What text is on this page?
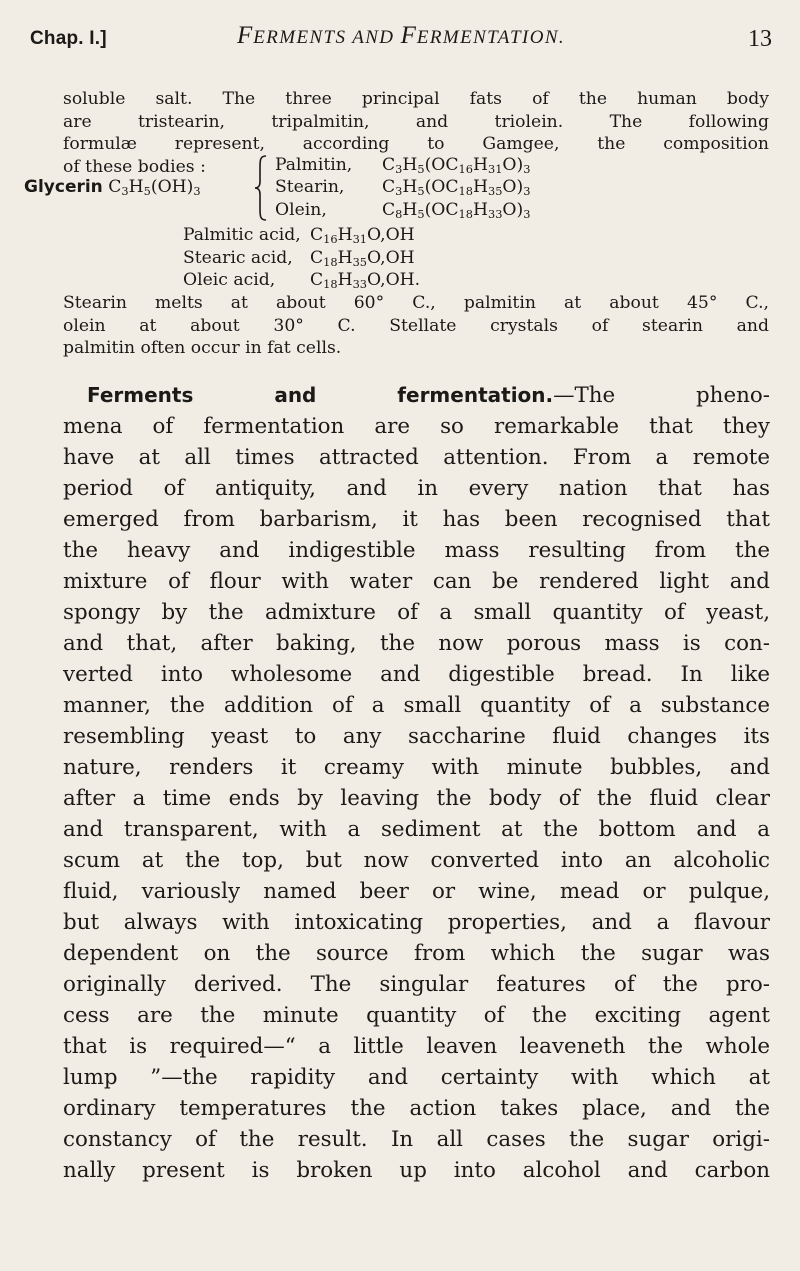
Chap. I.]	FERMENTS AND FERMENTATION.	13

soluble salt. The three principal fats of the human body

are tristearin, tripalmitin, and triolein. The following

formulæ represent, according to Gamgee, the composition

of these bodies :

Glycerin $C_3H_5(OH)_3$
Palmitin, $C_3H_5(OC_{16}H_{31}O)_3$
Stearin, $C_3H_5(OC_{18}H_{35}O)_3$
Olein,	$C_8H_5(OC_{18}H_{33}O)_3$
Palmitic acid, $C_{16}H_{31}O,OH$
Stearic acid, $C_{18}H_{35}O,OH$
Oleic acid, $C_{18}H_{33}O,OH$.

Stearin melts at about 60° C., palmitin at about 45° C.,

olein at about 30° C. Stellate crystals of stearin and

palmitin often occur in fat cells.

Ferments and fermentation.—The pheno-
mena of fermentation are so remarkable that they
have at all times attracted attention. From a remote
period of antiquity, and in every nation that has
emerged from barbarism, it has been recognised that
the heavy and indigestible mass resulting from the
mixture of flour with water can be rendered light and
spongy by the admixture of a small quantity of yeast,
and that, after baking, the now porous mass is con-
verted into wholesome and digestible bread. In like
manner, the addition of a small quantity of a substance
resembling yeast to any saccharine fluid changes its
nature, renders it creamy with minute bubbles, and
after a time ends by leaving the body of the fluid clear
and transparent, with a sediment at the bottom and a
scum at the top, but now converted into an alcoholic
fluid, variously named beer or wine, mead or pulque,
but always with intoxicating properties, and a flavour
dependent on the source from which the sugar was
originally derived. The singular features of the pro-
cess are the minute quantity of the exciting agent
that is required—“ a little leaven leaveneth the whole
lump ”—the rapidity and certainty with which at
ordinary temperatures the action takes place, and the
constancy of the result. In all cases the sugar origi-
nally present is broken up into alcohol and carbon
